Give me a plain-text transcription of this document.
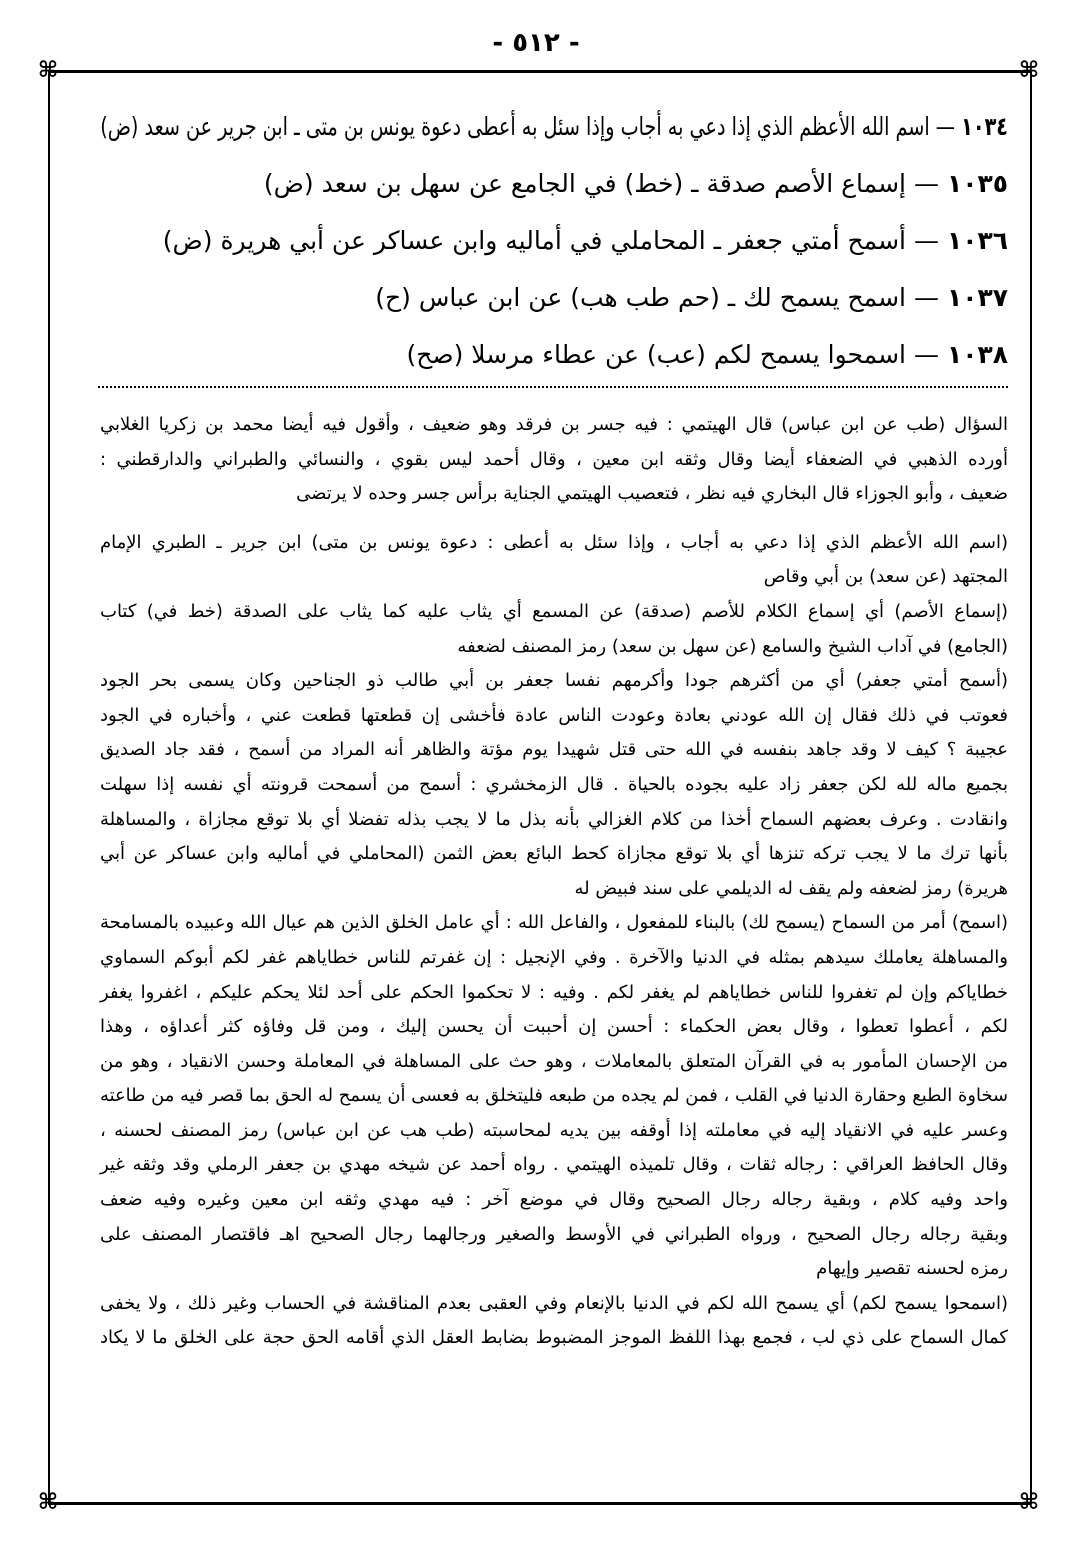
- ٥١٢ -
⌘	⌘
⌘	⌘
١٠٣٤— اسم الله الأعظم الذي إذا دعي به أجاب وإذا سئل به أعطى دعوة يونس بن متى ـ ابن جرير عن سعد (ض)
١٠٣٥— إسماع الأصم صدقة ـ (خط) في الجامع عن سهل بن سعد (ض)
١٠٣٦— أسمح أمتي جعفر ـ المحاملي في أماليه وابن عساكر عن أبي هريرة (ض)
١٠٣٧— اسمح يسمح لك ـ (حم طب هب) عن ابن عباس (ح)
١٠٣٨— اسمحوا يسمح لكم (عب) عن عطاء مرسلا (صح)
السؤال (طب عن ابن عباس) قال الهيتمي : فيه جسر بن فرقد وهو ضعيف ، وأقول فيه أيضا محمد بن زكريا الغلابي
أورده الذهبي في الضعفاء أيضا وقال وثقه ابن معين ، وقال أحمد ليس بقوي ، والنسائي والطبراني والدارقطني :
ضعيف ، وأبو الجوزاء قال البخاري فيه نظر ، فتعصيب الهيتمي الجناية برأس جسر وحده لا يرتضى
(اسم الله الأعظم الذي إذا دعي به أجاب ، وإذا سئل به أعطى : دعوة يونس بن متى) ابن جرير ـ الطبري الإمام
المجتهد (عن سعد) بن أبي وقاص
(إسماع الأصم) أي إسماع الكلام للأصم (صدقة) عن المسمع أي يثاب عليه كما يثاب على الصدقة (خط في) كتاب
(الجامع) في آداب الشيخ والسامع (عن سهل بن سعد) رمز المصنف لضعفه
(أسمح أمتي جعفر) أي من أكثرهم جودا وأكرمهم نفسا جعفر بن أبي طالب ذو الجناحين وكان يسمى بحر الجود
فعوتب في ذلك فقال إن الله عودني بعادة وعودت الناس عادة فأخشى إن قطعتها قطعت عني ، وأخباره في الجود
عجيبة ؟ كيف لا وقد جاهد بنفسه في الله حتى قتل شهيدا يوم مؤتة والظاهر أنه المراد من أسمح ، فقد جاد الصديق
بجميع ماله لله لكن جعفر زاد عليه بجوده بالحياة . قال الزمخشري : أسمح من أسمحت قرونته أي نفسه إذا سهلت
وانقادت . وعرف بعضهم السماح أخذا من كلام الغزالي بأنه بذل ما لا يجب بذله تفضلا أي بلا توقع مجازاة ، والمساهلة
بأنها ترك ما لا يجب تركه تنزها أي بلا توقع مجازاة كحط البائع بعض الثمن (المحاملي في أماليه وابن عساكر عن أبي
هريرة) رمز لضعفه ولم يقف له الديلمي على سند فبيض له
(اسمح) أمر من السماح (يسمح لك) بالبناء للمفعول ، والفاعل الله : أي عامل الخلق الذين هم عيال الله وعبيده بالمسامحة
والمساهلة يعاملك سيدهم بمثله في الدنيا والآخرة . وفي الإنجيل : إن غفرتم للناس خطاياهم غفر لكم أبوكم السماوي
خطاياكم وإن لم تغفروا للناس خطاياهم لم يغفر لكم . وفيه : لا تحكموا الحكم على أحد لئلا يحكم عليكم ، اغفروا يغفر
لكم ، أعطوا تعطوا ، وقال بعض الحكماء : أحسن إن أحببت أن يحسن إليك ، ومن قل وفاؤه كثر أعداؤه ، وهذا
من الإحسان المأمور به في القرآن المتعلق بالمعاملات ، وهو حث على المساهلة في المعاملة وحسن الانقياد ، وهو من
سخاوة الطبع وحقارة الدنيا في القلب ، فمن لم يجده من طبعه فليتخلق به فعسى أن يسمح له الحق بما قصر فيه من طاعته
وعسر عليه في الانقياد إليه في معاملته إذا أوقفه بين يديه لمحاسبته (طب هب عن ابن عباس) رمز المصنف لحسنه ،
وقال الحافظ العراقي : رجاله ثقات ، وقال تلميذه الهيتمي . رواه أحمد عن شيخه مهدي بن جعفر الرملي وقد وثقه غير
واحد وفيه كلام ، وبقية رجاله رجال الصحيح وقال في موضع آخر : فيه مهدي وثقه ابن معين وغيره وفيه ضعف
وبقية رجاله رجال الصحيح ، ورواه الطبراني في الأوسط والصغير ورجالهما رجال الصحيح اهـ فاقتصار المصنف على
رمزه لحسنه تقصير وإيهام
(اسمحوا يسمح لكم) أي يسمح الله لكم في الدنيا بالإنعام وفي العقبى بعدم المناقشة في الحساب وغير ذلك ، ولا يخفى
كمال السماح على ذي لب ، فجمع بهذا اللفظ الموجز المضبوط بضابط العقل الذي أقامه الحق حجة على الخلق ما لا يكاد
